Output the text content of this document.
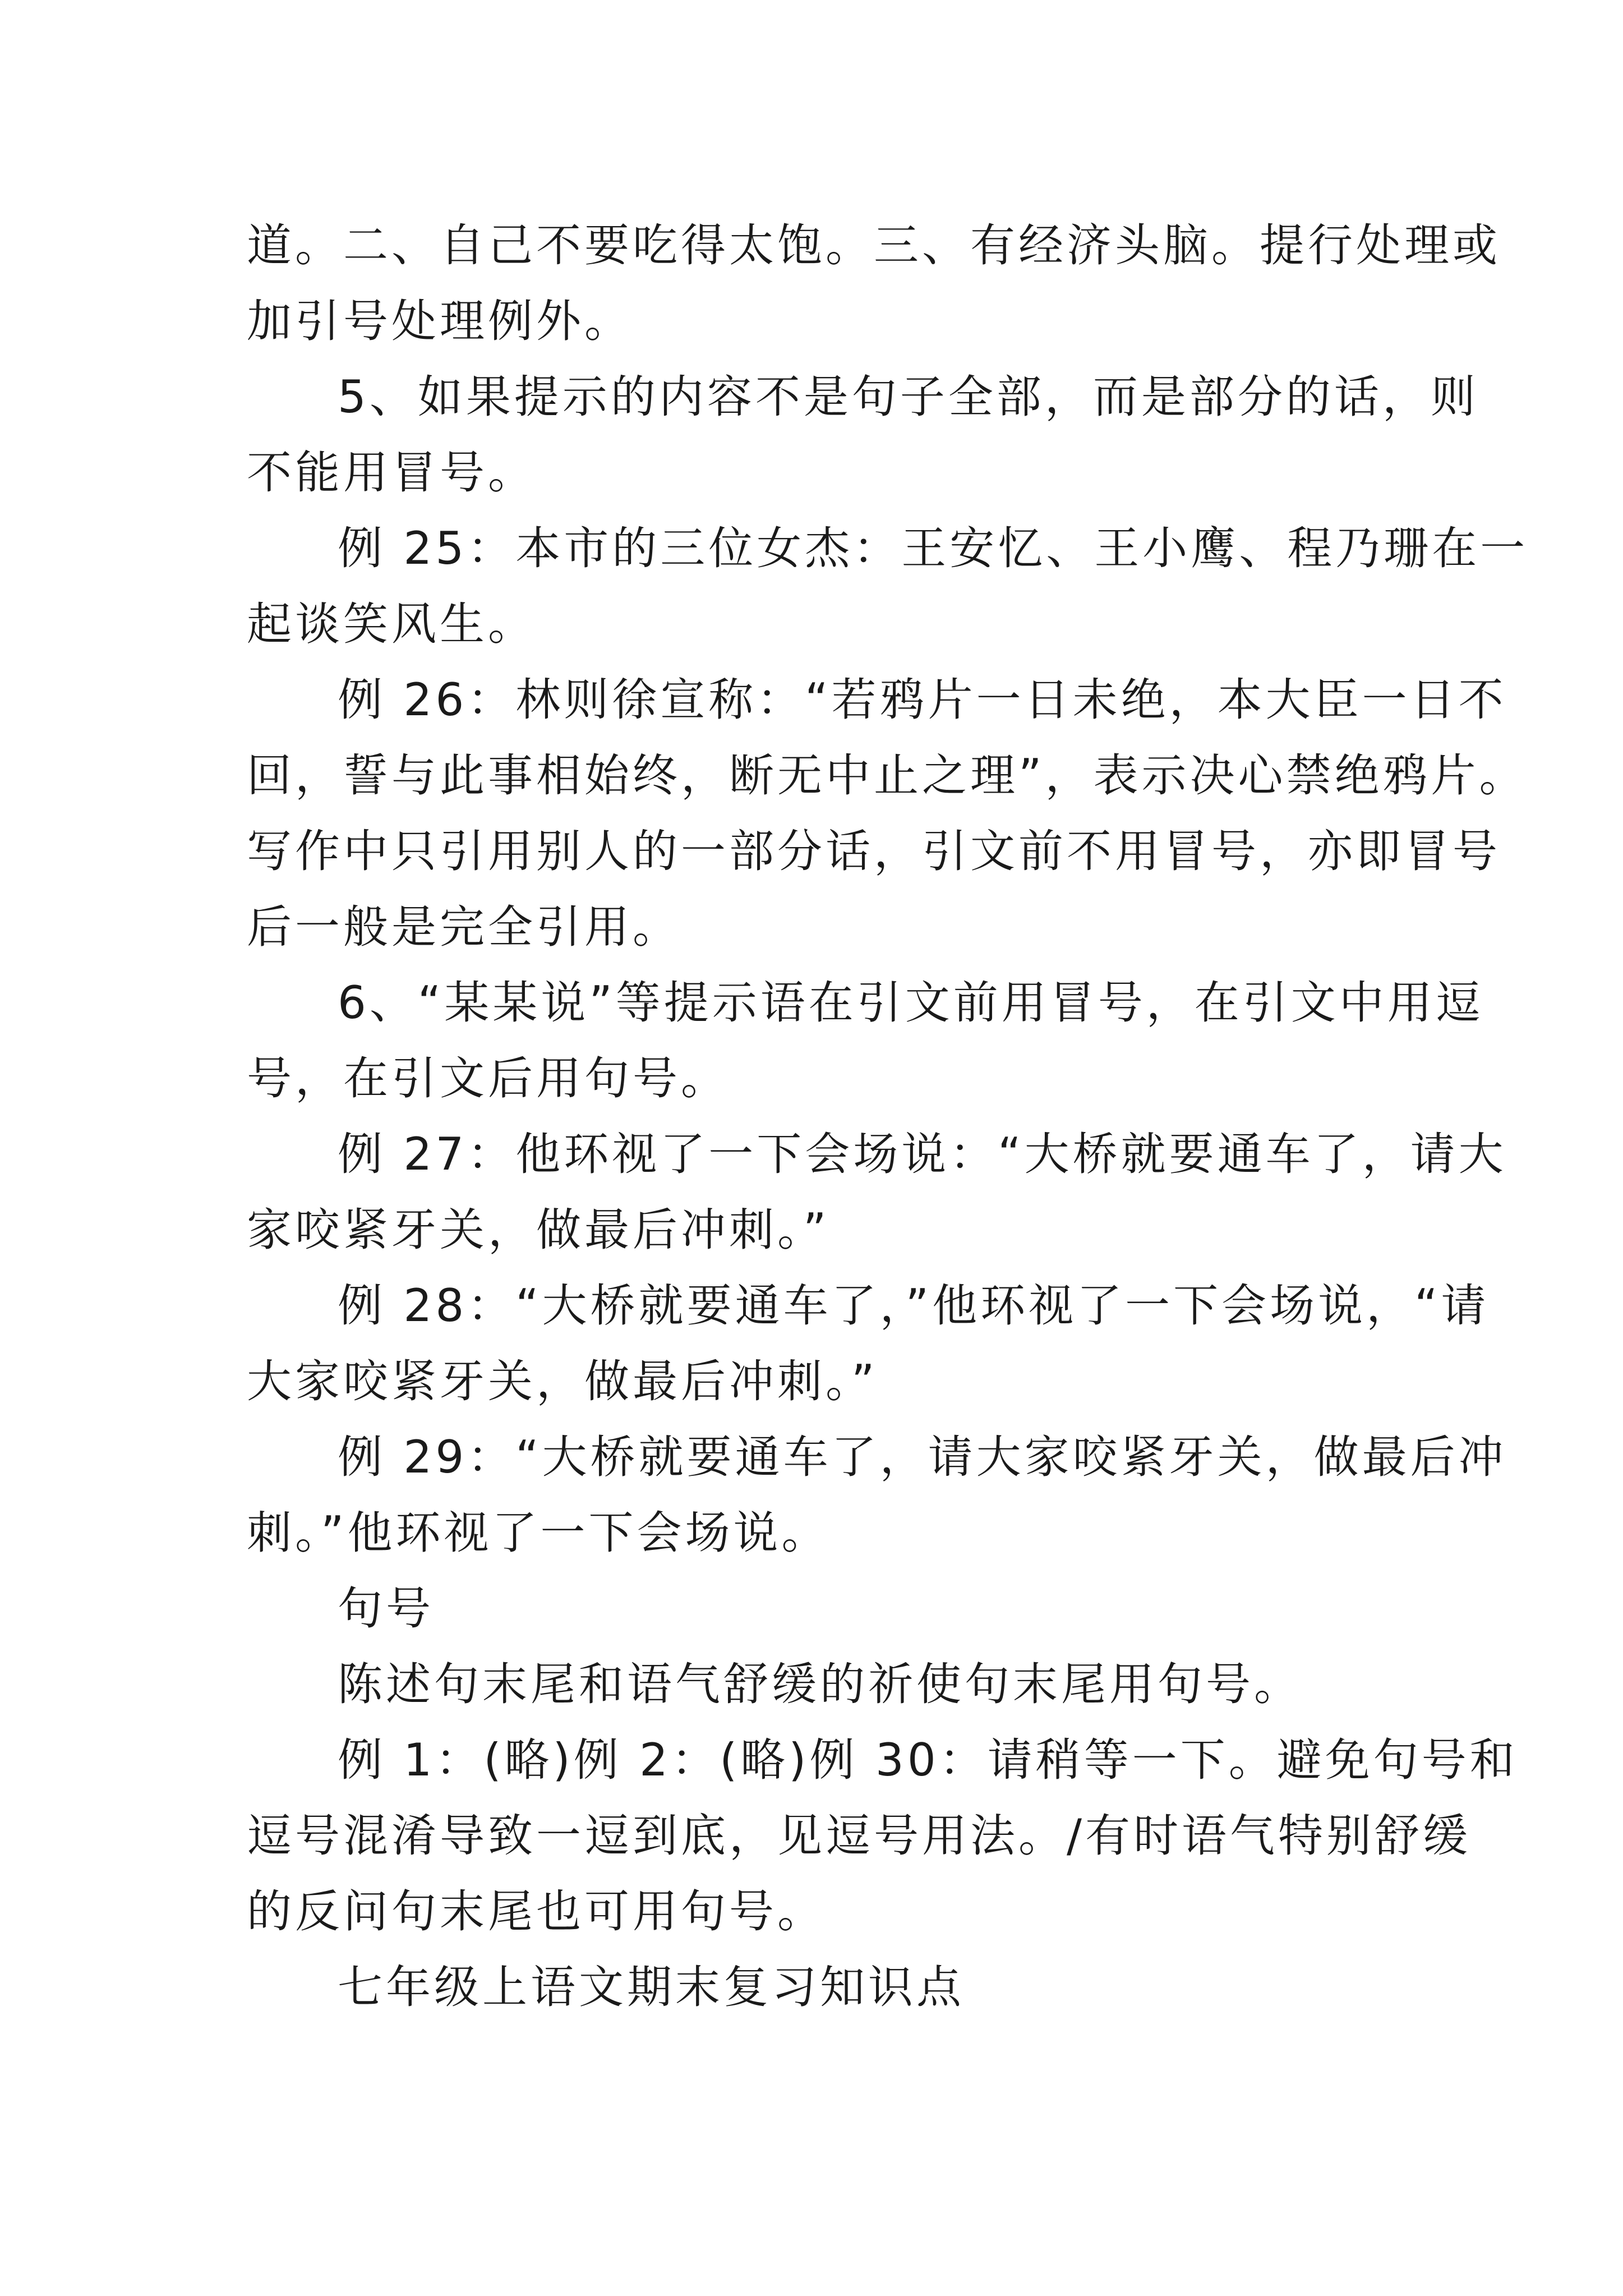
道。二、自己不要吃得太饱。三、有经济头脑。提行处理或
加引号处理例外。
5、如果提示的内容不是句子全部，而是部分的话，则
不能用冒号。
例 25：本市的三位女杰：王安忆、王小鹰、程乃珊在一
起谈笑风生。
例 26：林则徐宣称：“若鸦片一日未绝，本大臣一日不
回，誓与此事相始终，断无中止之理”，表示决心禁绝鸦片。
写作中只引用别人的一部分话，引文前不用冒号，亦即冒号
后一般是完全引用。
6、“某某说”等提示语在引文前用冒号，在引文中用逗
号，在引文后用句号。
例 27：他环视了一下会场说：“大桥就要通车了，请大
家咬紧牙关，做最后冲刺。”
例 28：“大桥就要通车了，”他环视了一下会场说，“请
大家咬紧牙关，做最后冲刺。”
例 29：“大桥就要通车了，请大家咬紧牙关，做最后冲
刺。”他环视了一下会场说。
句号
陈述句末尾和语气舒缓的祈使句末尾用句号。
例 1：(略)例 2：(略)例 30：请稍等一下。避免句号和
逗号混淆导致一逗到底，见逗号用法。/有时语气特别舒缓
的反问句末尾也可用句号。
七年级上语文期末复习知识点
